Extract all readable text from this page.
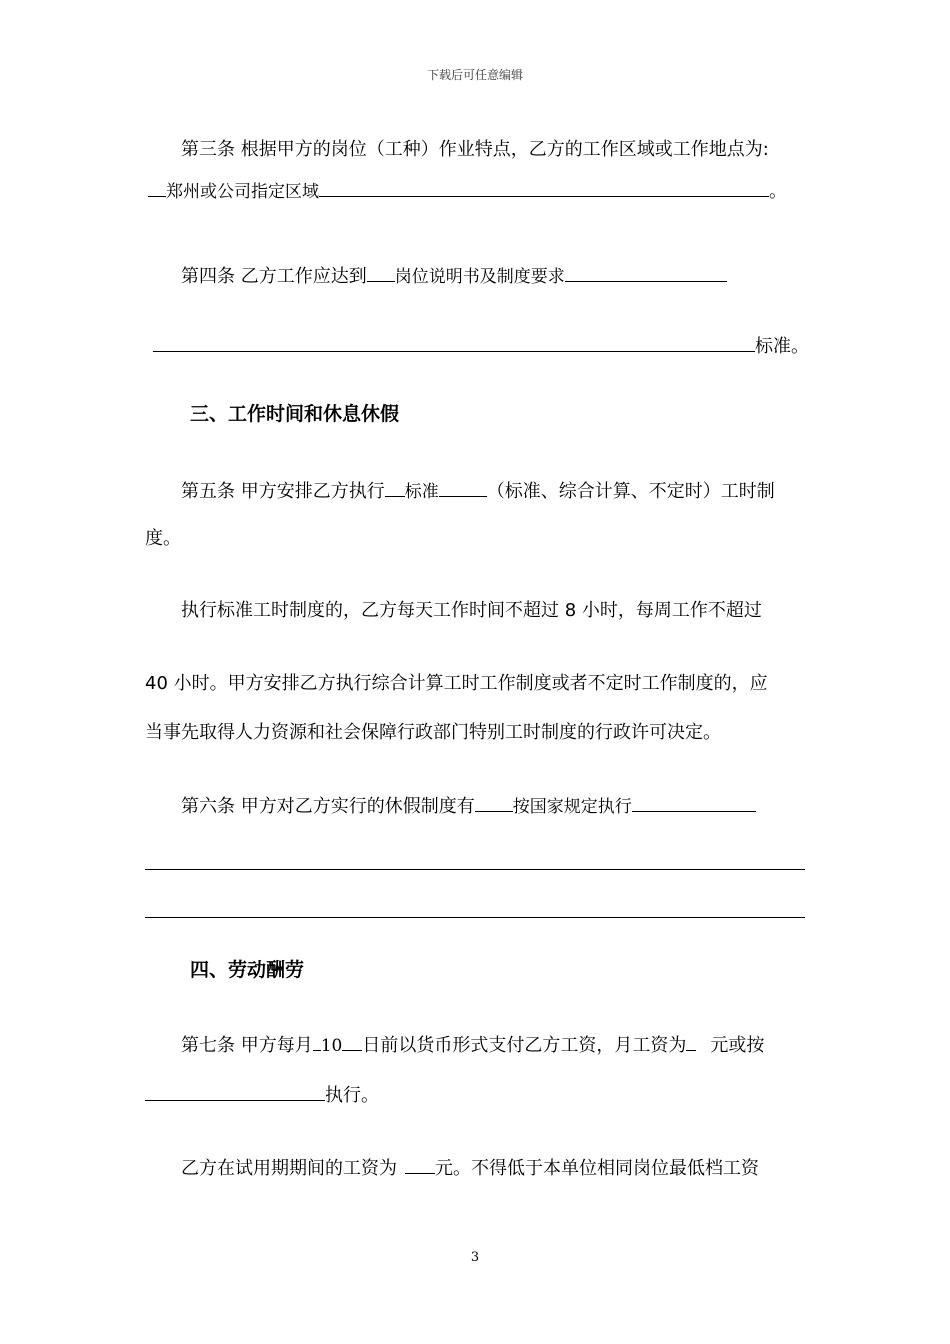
下载后可任意编辑
第三条 根据甲方的岗位（工种）作业特点，乙方的工作区域或工作地点为:
郑州或公司指定区域	。
第四条 乙方工作应达到 岗位说明书及制度要求
标准。
三、工作时间和休息休假
第五条 甲方安排乙方执行 标准	（标准、综合计算、不定时）工时制
度。
执行标准工时制度的，乙方每天工作时间不超过 8 小时，每周工作不超过
40 小时。甲方安排乙方执行综合计算工时工作制度或者不定时工作制度的，应
当事先取得人力资源和社会保障行政部门特别工时制度的行政许可决定。
第六条 甲方对乙方实行的休假制度有 按国家规定执行
四、劳动酬劳
第七条 甲方每月 10 日前以货币形式支付乙方工资，月工资为 元或按
执行。
乙方在试用期期间的工资为 元。不得低于本单位相同岗位最低档工资
3
